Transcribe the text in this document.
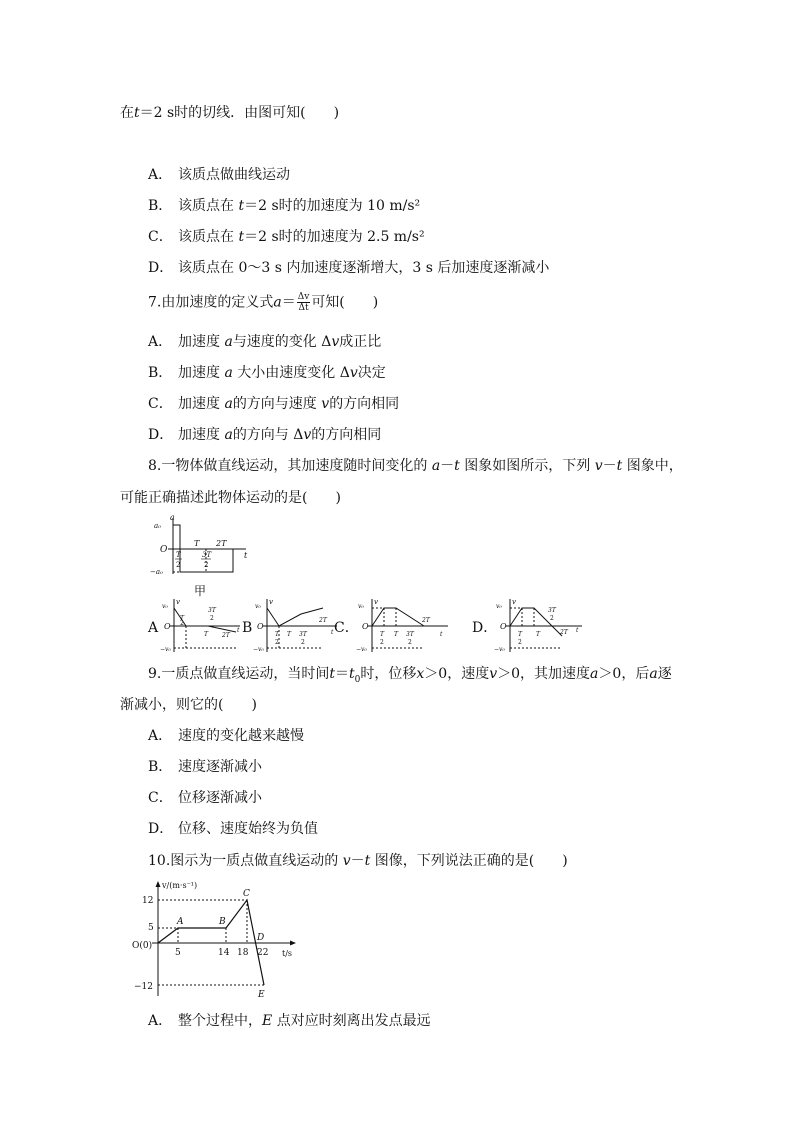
在t＝2 s时的切线．由图可知(　　)
A． 该质点做曲线运动
B． 该质点在 t＝2 s时的加速度为 10 m/s²
C． 该质点在 t＝2 s时的加速度为 2.5 m/s²
D． 该质点在 0～3 s 内加速度逐渐增大，3 s 后加速度逐渐减小
7.由加速度的定义式$a= \frac{\Delta v}{\Delta t}$ 可知(　　)
A． 加速度 a与速度的变化 Δv成正比
B． 加速度 a 大小由速度变化 Δv决定
C． 加速度 a的方向与速度 v的方向相同
D． 加速度 a的方向与 Δv的方向相同
8.一物体做直线运动，其加速度随时间变化的 a－t 图象如图所示，下列 v－t 图象中，
可能正确描述此物体运动的是(　　)
a
t
O
a₀
−a₀
T 2T
T
2
3T
2
甲
A
v
v₀
O
−v₀
T
2
3T
2
T 2T
t B
v
v₀
O
−v₀
T
2
T 3T
2
2T
t C．
v
v₀
O
−v₀
T
2
T 3T
2
2T
t D．
v
v₀
O
−v₀
T
2
T
3T
2
2T t
9.一质点做直线运动，当时间$t=t_0$时，位移x＞0，速度v＞0，其加速度a＞0，后a逐
渐减小，则它的(　　)
A． 速度的变化越来越慢
B． 速度逐渐减小
C． 位移逐渐减小
D． 位移、速度始终为负值
10.图示为一质点做直线运动的 v－t 图像，下列说法正确的是(　　)
v/(m·s⁻¹)
t/s
O(0)
12
5
−12
5	14 18 22
A	B
C
D
E
A． 整个过程中，E 点对应时刻离出发点最远
